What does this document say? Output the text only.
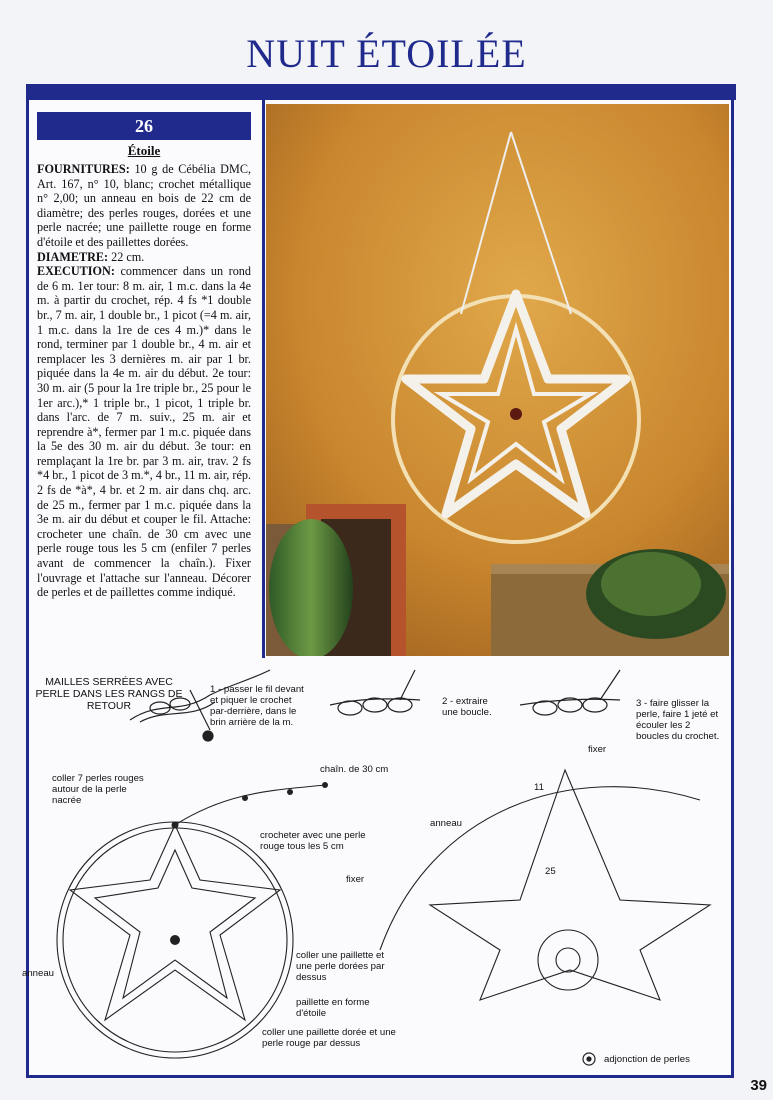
NUIT ÉTOILÉE
26
Étoile

FOURNITURES: 10 g de Cébélia DMC, Art. 167, n° 10, blanc; crochet métallique n° 2,00; un anneau en bois de 22 cm de diamètre; des perles rouges, dorées et une perle nacrée; une paillette rouge en forme d'étoile et des paillettes dorées.

DIAMETRE: 22 cm.

EXECUTION: commencer dans un rond de 6 m. 1er tour: 8 m. air, 1 m.c. dans la 4e m. à partir du crochet, rép. 4 fs *1 double br., 7 m. air, 1 double br., 1 picot (=4 m. air, 1 m.c. dans la 1re de ces 4 m.)* dans le rond, terminer par 1 double br., 4 m. air et remplacer les 3 dernières m. air par 1 br. piquée dans la 4e m. air du début. 2e tour: 30 m. air (5 pour la 1re triple br., 25 pour le 1er arc.),* 1 triple br., 1 picot, 1 triple br. dans l'arc. de 7 m. suiv., 25 m. air et reprendre à*, fermer par 1 m.c. piquée dans la 5e des 30 m. air du début. 3e tour: en remplaçant la 1re br. par 3 m. air, trav. 2 fs *4 br., 1 picot de 3 m.*, 4 br., 11 m. air, rép. 2 fs de *à*, 4 br. et 2 m. air dans chq. arc. de 25 m., fermer par 1 m.c. piquée dans la 3e m. air du début et couper le fil. Attache: crocheter une chaîn. de 30 cm avec une perle rouge tous les 5 cm (enfiler 7 perles avant de commencer la chaîn.). Fixer l'ouvrage et l'attache sur l'anneau. Décorer de perles et de paillettes comme indiqué.

MAILLES SERRÉES AVEC PERLE DANS LES RANGS DE RETOUR
1 - passer le fil devant et piquer le crochet par-derrière, dans le brin arrière de la m.
2 - extraire une boucle.
3 - faire glisser la perle, faire 1 jeté et écouler les 2 boucles du crochet.
coller 7 perles rouges autour de la perle nacrée
chaîn. de 30 cm
crocheter avec une perle rouge tous les 5 cm
anneau
coller une paillette et une perle dorées par dessus
paillette en forme d'étoile
coller une paillette dorée et une perle rouge par dessus
fixer
11
anneau
25
fixer
adjonction de perles
39
